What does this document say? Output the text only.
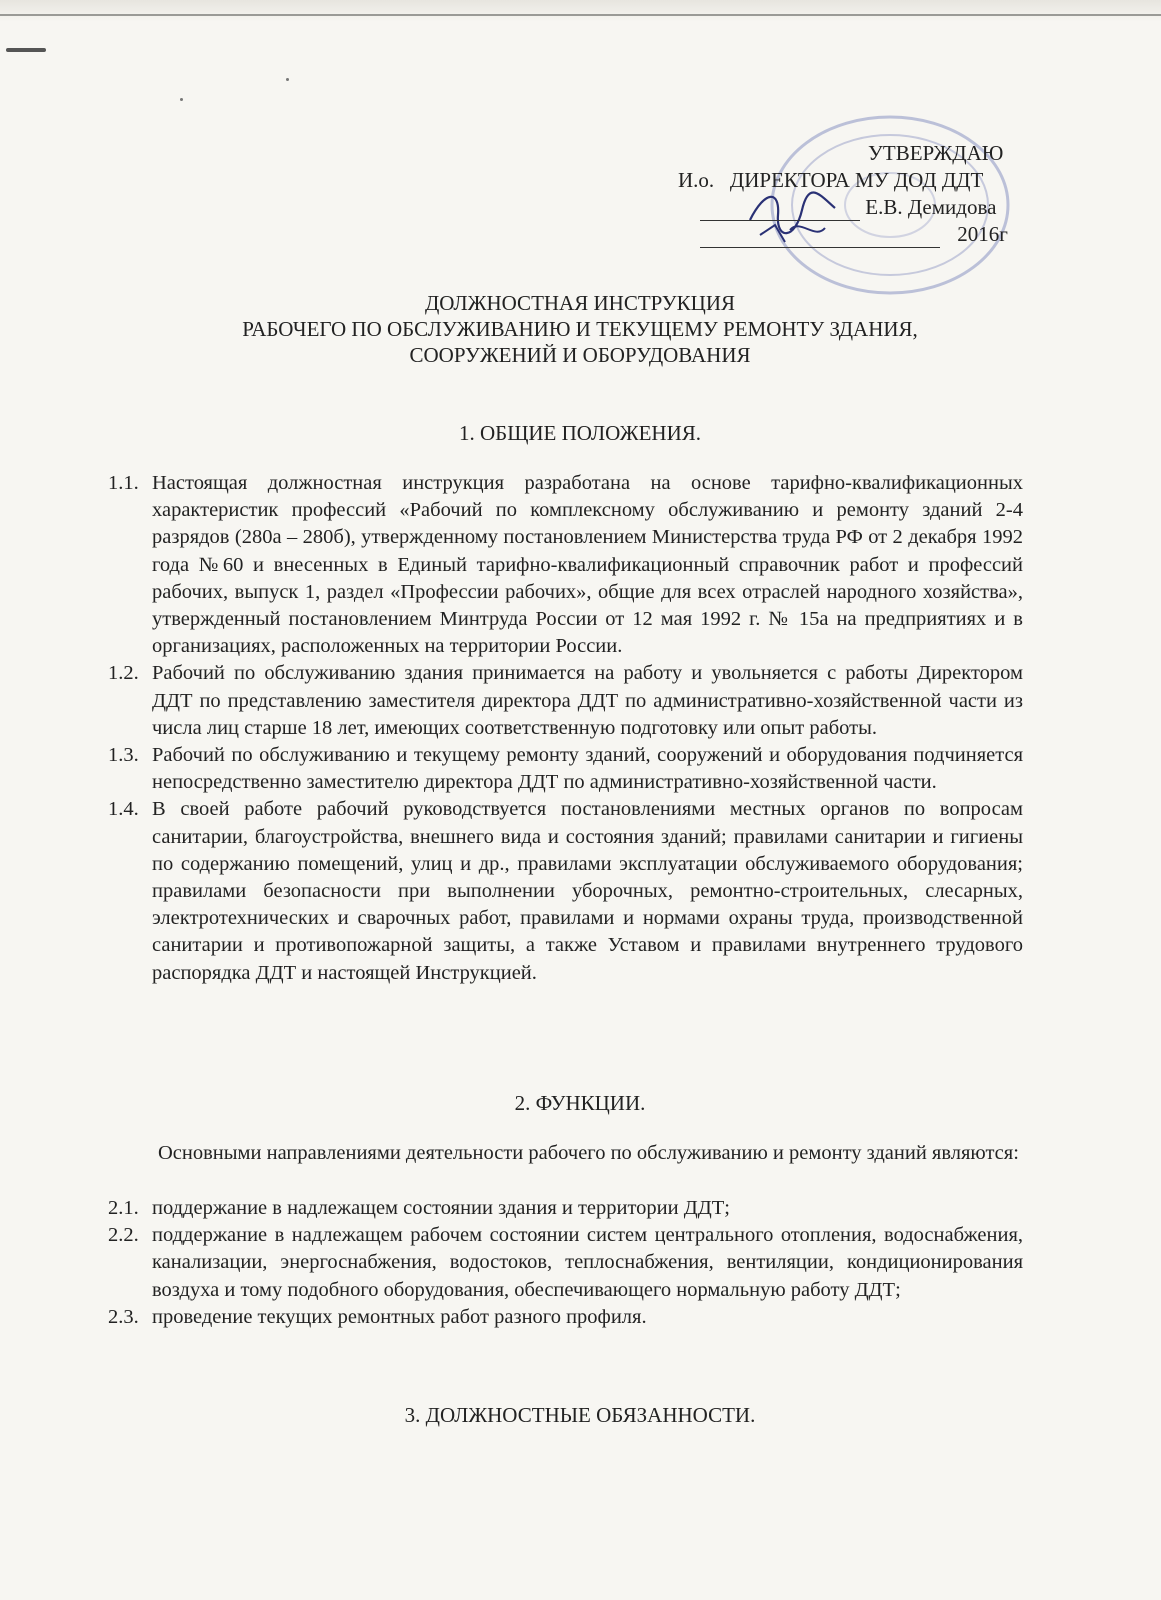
УТВЕРЖДАЮ
И.о. ДИРЕКТОРА МУ ДОД ДДТ
Е.В. Демидова
2016г
ДОЛЖНОСТНАЯ ИНСТРУКЦИЯ
РАБОЧЕГО ПО ОБСЛУЖИВАНИЮ И ТЕКУЩЕМУ РЕМОНТУ ЗДАНИЯ,
СООРУЖЕНИЙ И ОБОРУДОВАНИЯ
1. ОБЩИЕ ПОЛОЖЕНИЯ.
1.1. Настоящая должностная инструкция разработана на основе тарифно-квалификационных характеристик профессий «Рабочий по комплексному обслуживанию и ремонту зданий 2-4 разрядов (280а – 280б), утвержденному постановлением Министерства труда РФ от 2 декабря 1992 года №60 и внесенных в Единый тарифно-квалификационный справочник работ и профессий рабочих, выпуск 1, раздел «Профессии рабочих», общие для всех отраслей народного хозяйства», утвержденный постановлением Минтруда России от 12 мая 1992 г. № 15а на предприятиях и в организациях, расположенных на территории России.
1.2. Рабочий по обслуживанию здания принимается на работу и увольняется с работы Директором ДДТ по представлению заместителя директора ДДТ по административно-хозяйственной части из числа лиц старше 18 лет, имеющих соответственную подготовку или опыт работы.
1.3. Рабочий по обслуживанию и текущему ремонту зданий, сооружений и оборудования подчиняется непосредственно заместителю директора ДДТ по административно-хозяйственной части.
1.4. В своей работе рабочий руководствуется постановлениями местных органов по вопросам санитарии, благоустройства, внешнего вида и состояния зданий; правилами санитарии и гигиены по содержанию помещений, улиц и др., правилами эксплуатации обслуживаемого оборудования; правилами безопасности при выполнении уборочных, ремонтно-строительных, слесарных, электротехнических и сварочных работ, правилами и нормами охраны труда, производственной санитарии и противопожарной защиты, а также Уставом и правилами внутреннего трудового распорядка ДДТ и настоящей Инструкцией.
2. ФУНКЦИИ.
Основными направлениями деятельности рабочего по обслуживанию и ремонту зданий являются:
2.1. поддержание в надлежащем состоянии здания и территории ДДТ;
2.2. поддержание в надлежащем рабочем состоянии систем центрального отопления, водоснабжения, канализации, энергоснабжения, водостоков, теплоснабжения, вентиляции, кондиционирования воздуха и тому подобного оборудования, обеспечивающего нормальную работу ДДТ;
2.3. проведение текущих ремонтных работ разного профиля.
3. ДОЛЖНОСТНЫЕ ОБЯЗАННОСТИ.
